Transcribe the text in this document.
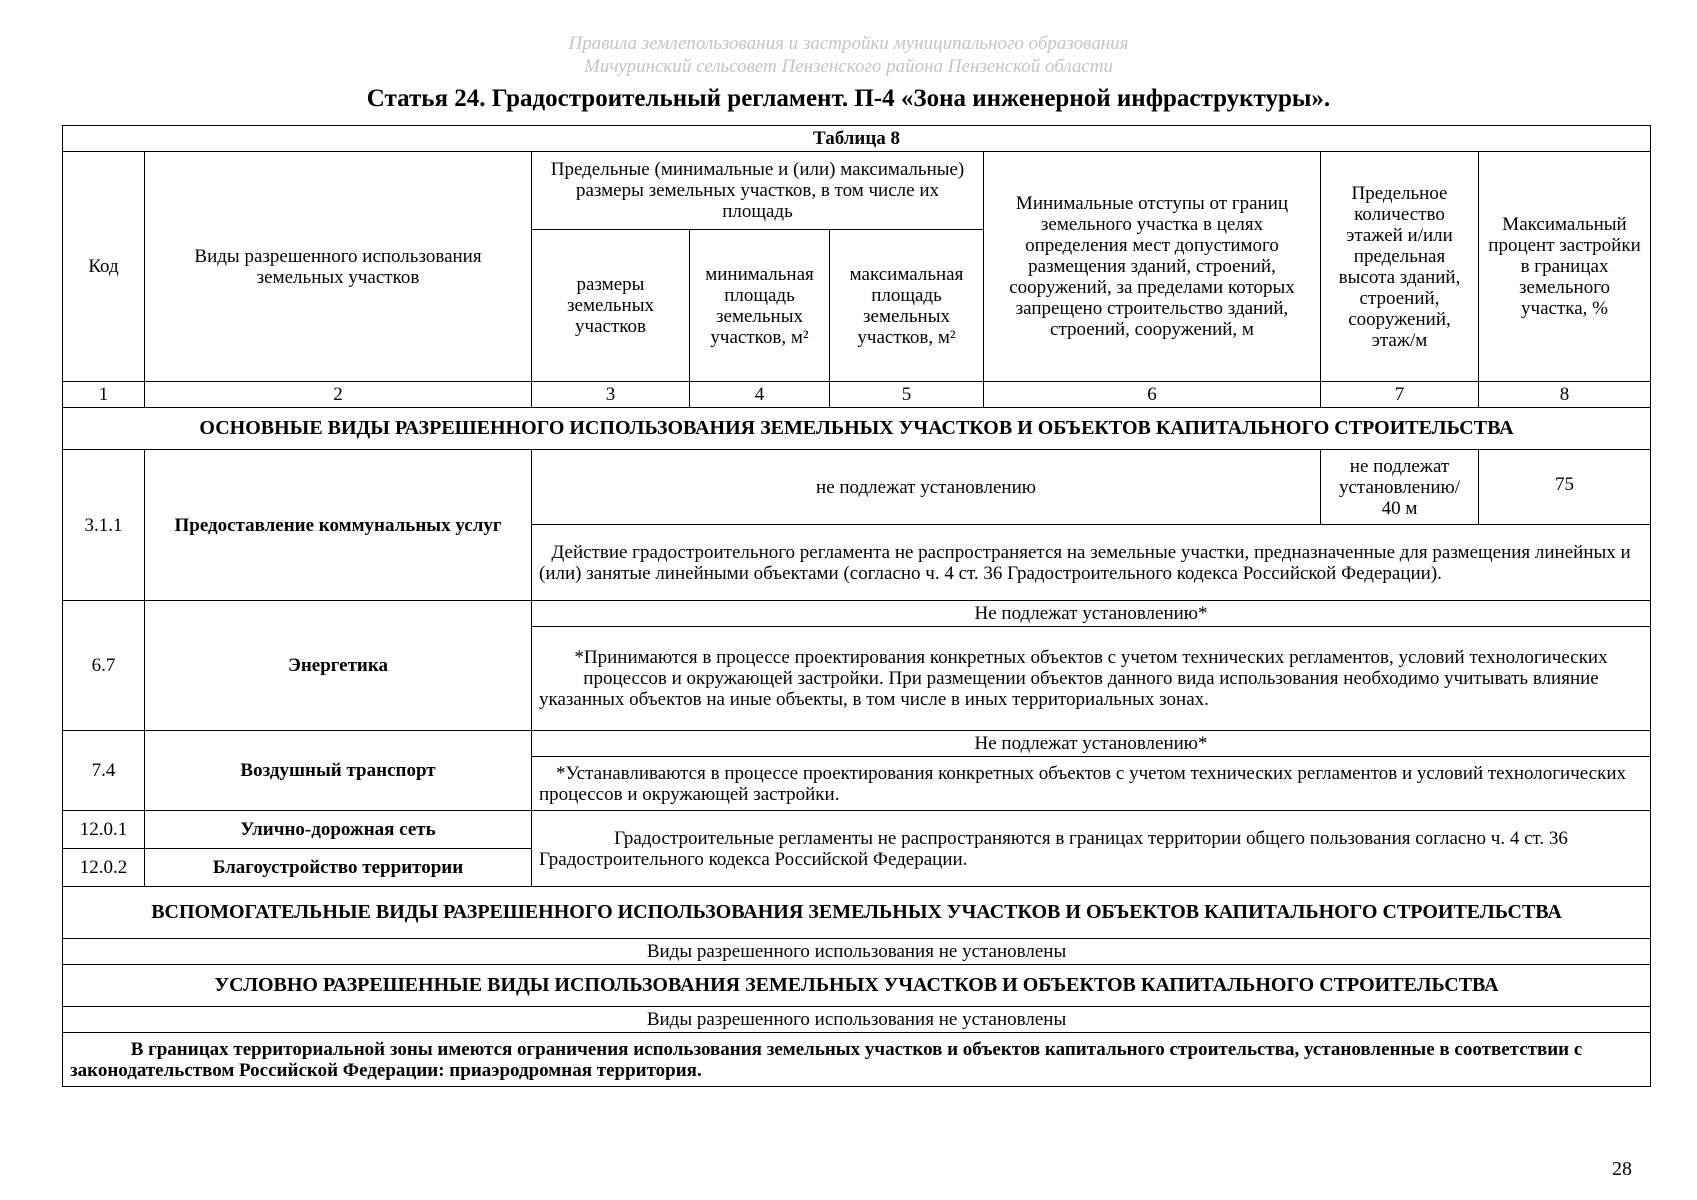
Правила землепользования и застройки муниципального образования
Мичуринский сельсовет Пензенского района Пензенской области
Статья 24. Градостроительный регламент. П-4 «Зона инженерной инфраструктуры».
Таблица 8							
Код	Виды разрешенного использования земельных участков	Предельные (минимальные и (или) максимальные) размеры земельных участков, в том числе их площадь			Минимальные отступы от границ земельного участка в целях определения мест допустимого размещения зданий, строений, сооружений, за пределами которых запрещено строительство зданий, строений, сооружений, м	Предельное количество этажей и/или предельная высота зданий, строений, сооружений, этаж/м	Максимальный процент застройки в границах земельного участка, %
		размеры земельных участков	минимальная площадь земельных участков, м²	максимальная площадь земельных участков, м²			
1	2	3	4	5	6	7	8
ОСНОВНЫЕ ВИДЫ РАЗРЕШЕННОГО ИСПОЛЬЗОВАНИЯ ЗЕМЕЛЬНЫХ УЧАСТКОВ И ОБЪЕКТОВ КАПИТАЛЬНОГО СТРОИТЕЛЬСТВА							
3.1.1	Предоставление коммунальных услуг	не подлежат установлению				не подлежат установлению/ 40 м	75
		Действие градостроительного регламента не распространяется на земельные участки, предназначенные для размещения линейных и (или) занятые линейными объектами (согласно ч. 4 ст. 36 Градостроительного кодекса Российской Федерации).					
6.7	Энергетика	Не подлежат установлению*					
		*Принимаются в процессе проектирования конкретных объектов с учетом технических регламентов, условий технологических процессов и окружающей застройки. При размещении объектов данного вида использования необходимо учитывать влияние указанных объектов на иные объекты, в том числе в иных территориальных зонах.					
7.4	Воздушный транспорт	Не подлежат установлению*					
		*Устанавливаются в процессе проектирования конкретных объектов с учетом технических регламентов и условий технологических процессов и окружающей застройки.					
12.0.1	Улично-дорожная сеть	Градостроительные регламенты не распространяются в границах территории общего пользования согласно ч. 4 ст. 36 Градостроительного кодекса Российской Федерации.					
12.0.2	Благоустройство территории						
ВСПОМОГАТЕЛЬНЫЕ ВИДЫ РАЗРЕШЕННОГО ИСПОЛЬЗОВАНИЯ ЗЕМЕЛЬНЫХ УЧАСТКОВ И ОБЪЕКТОВ КАПИТАЛЬНОГО СТРОИТЕЛЬСТВА							
Виды разрешенного использования не установлены							
УСЛОВНО РАЗРЕШЕННЫЕ ВИДЫ ИСПОЛЬЗОВАНИЯ ЗЕМЕЛЬНЫХ УЧАСТКОВ И ОБЪЕКТОВ КАПИТАЛЬНОГО СТРОИТЕЛЬСТВА							
Виды разрешенного использования не установлены							
В границах территориальной зоны имеются ограничения использования земельных участков и объектов капитального строительства, установленные в соответствии с законодательством Российской Федерации: приаэродромная территория.							
28
